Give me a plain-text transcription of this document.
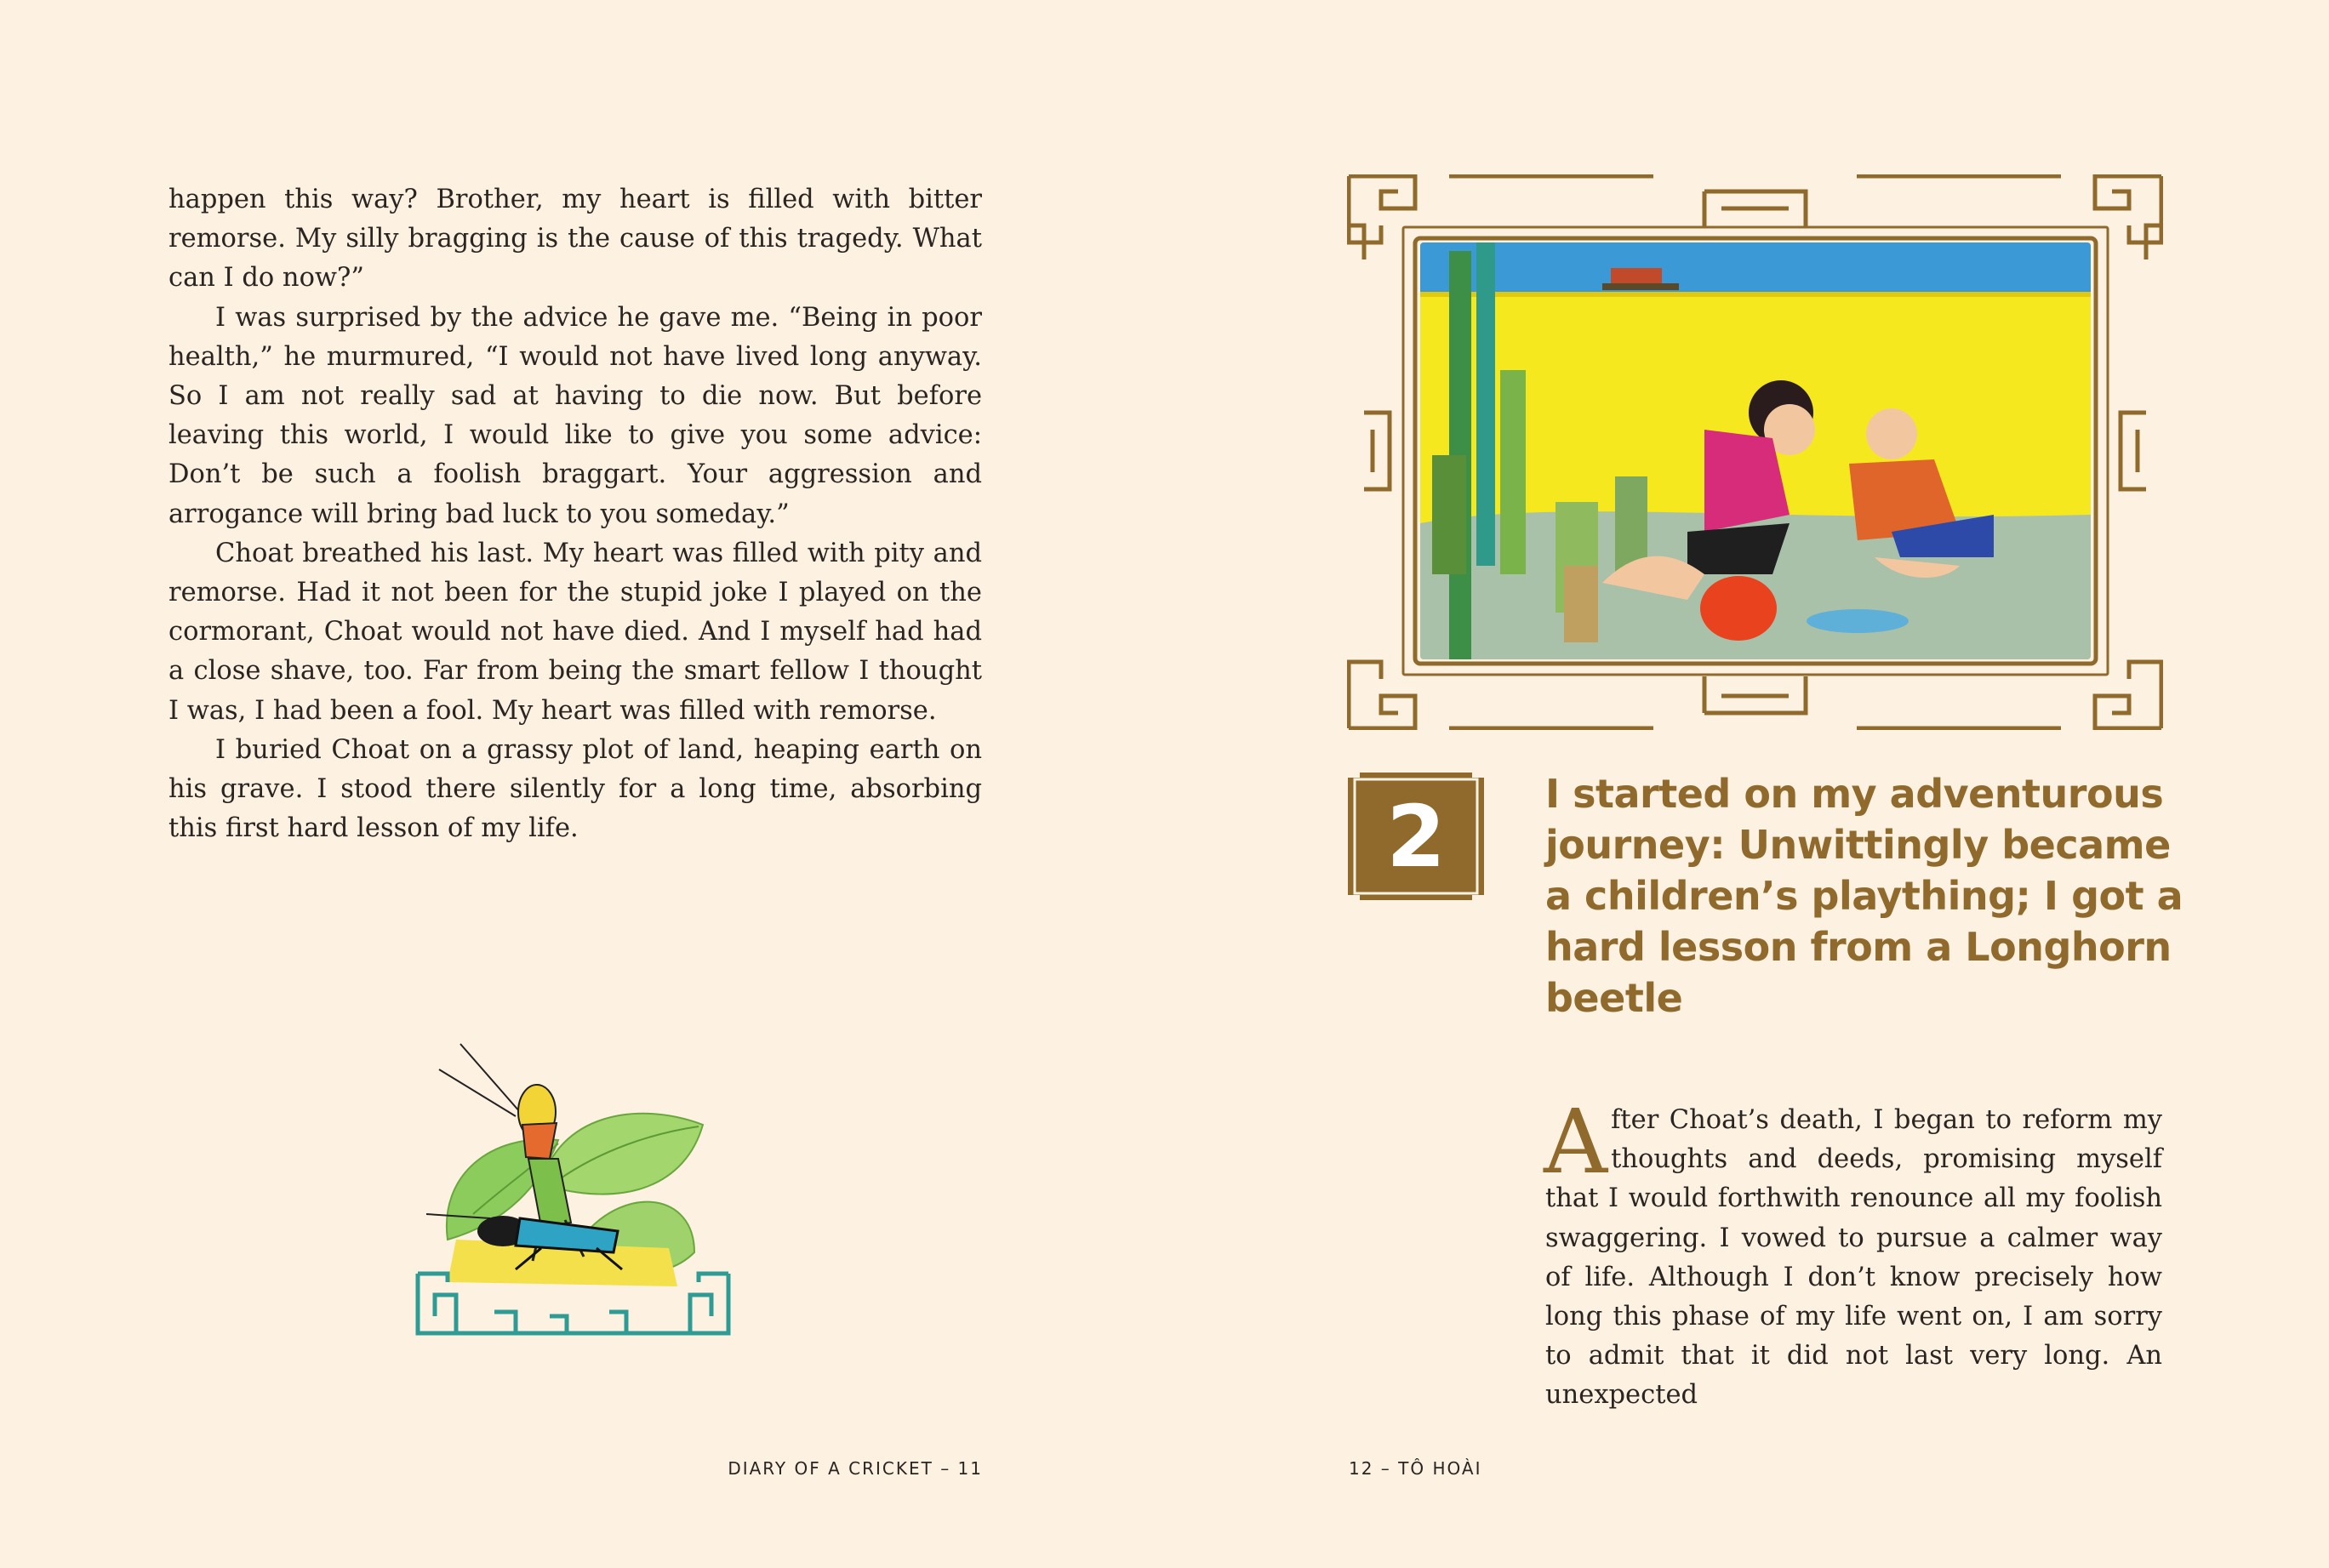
happen this way? Brother, my heart is filled with bitter remorse. My silly bragging is the cause of this tragedy. What can I do now?”

I was surprised by the advice he gave me. “Being in poor health,” he murmured, “I would not have lived long anyway. So I am not really sad at having to die now. But before leaving this world, I would like to give you some advice: Don’t be such a foolish braggart. Your aggression and arrogance will bring bad luck to you someday.”

Choat breathed his last. My heart was filled with pity and remorse. Had it not been for the stupid joke I played on the cormorant, Choat would not have died. And I myself had had a close shave, too. Far from being the smart fellow I thought I was, I had been a fool. My heart was filled with remorse.

I buried Choat on a grassy plot of land, heaping earth on his grave. I stood there silently for a long time, absorbing this first hard lesson of my life.

DIARY OF A CRICKET – 11
2	I started on my adventurous journey: Unwittingly became a children’s plaything; I got a hard lesson from a Longhorn beetle

After Choat’s death, I began to reform my thoughts and deeds, promising myself that I would forthwith renounce all my foolish swaggering. I vowed to pursue a calmer way of life. Although I don’t know precisely how long this phase of my life went on, I am sorry to admit that it did not last very long. An unexpected

12 – TÔ HOÀI
